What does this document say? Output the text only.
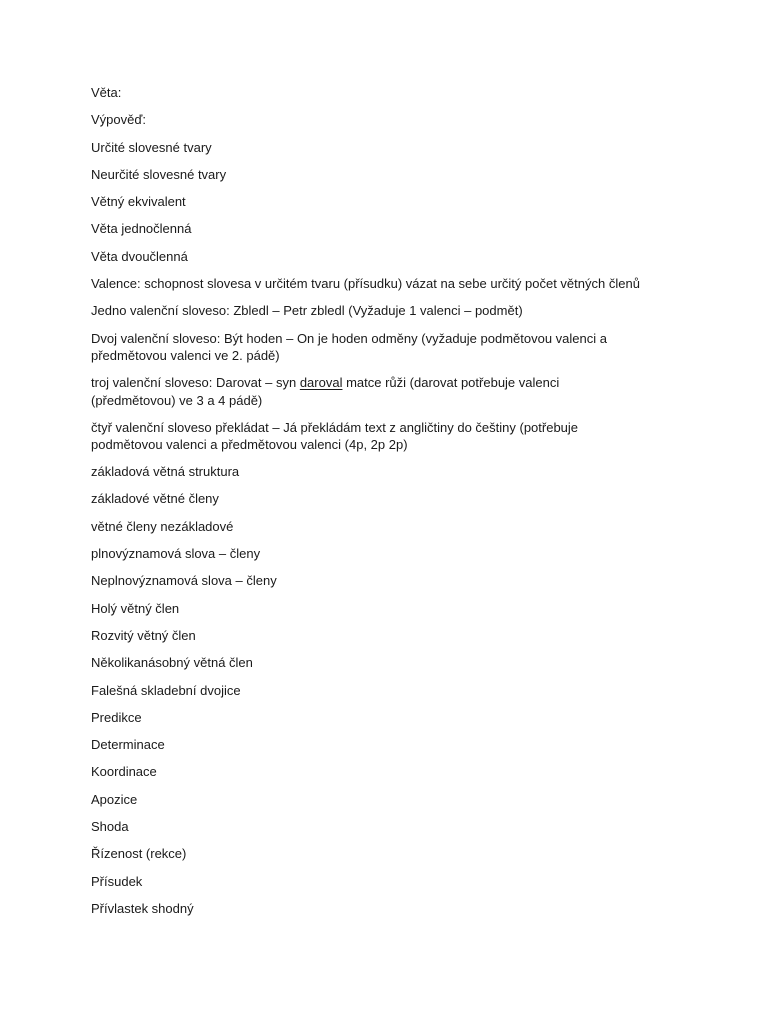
Věta:

Výpověď:

Určité slovesné tvary

Neurčité slovesné tvary

Větný ekvivalent

Věta jednočlenná

Věta dvoučlenná

Valence: schopnost slovesa v určitém tvaru (přísudku) vázat na sebe určitý počet větných členů

Jedno valenční sloveso: Zbledl – Petr zbledl (Vyžaduje 1 valenci – podmět)

Dvoj valenční sloveso: Být hoden – On je hoden odměny (vyžaduje podmětovou valenci a
předmětovou valenci ve 2. pádě)

troj valenční sloveso: Darovat – syn daroval matce růži (darovat potřebuje valenci
(předmětovou) ve 3 a 4 pádě)

čtyř valenční sloveso překládat – Já překládám text z angličtiny do češtiny (potřebuje
podmětovou valenci a předmětovou valenci (4p, 2p 2p)

základová větná struktura

základové větné členy

větné členy nezákladové

plnovýznamová slova – členy

Neplnovýznamová slova – členy

Holý větný člen

Rozvitý větný člen

Několikanásobný větná člen

Falešná skladební dvojice

Predikce

Determinace

Koordinace

Apozice

Shoda

Řízenost (rekce)

Přísudek

Přívlastek shodný
